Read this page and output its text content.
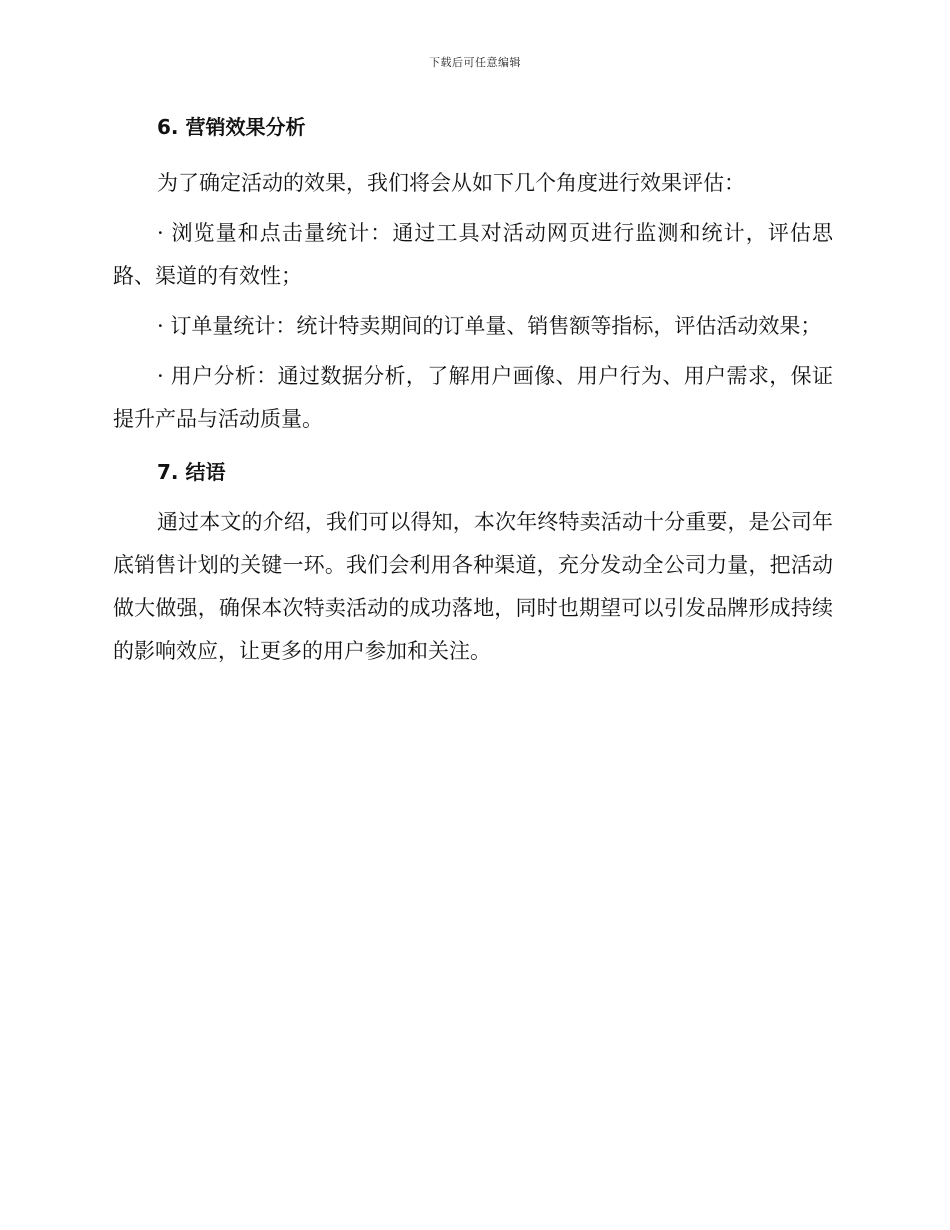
下载后可任意编辑
6. 营销效果分析

为了确定活动的效果，我们将会从如下几个角度进行效果评估：

· 浏览量和点击量统计：通过工具对活动网页进行监测和统计，评估思路、渠道的有效性；

· 订单量统计：统计特卖期间的订单量、销售额等指标，评估活动效果；

· 用户分析：通过数据分析，了解用户画像、用户行为、用户需求，保证提升产品与活动质量。

7. 结语

通过本文的介绍，我们可以得知，本次年终特卖活动十分重要，是公司年底销售计划的关键一环。我们会利用各种渠道，充分发动全公司力量，把活动做大做强，确保本次特卖活动的成功落地，同时也期望可以引发品牌形成持续的影响效应，让更多的用户参加和关注。
